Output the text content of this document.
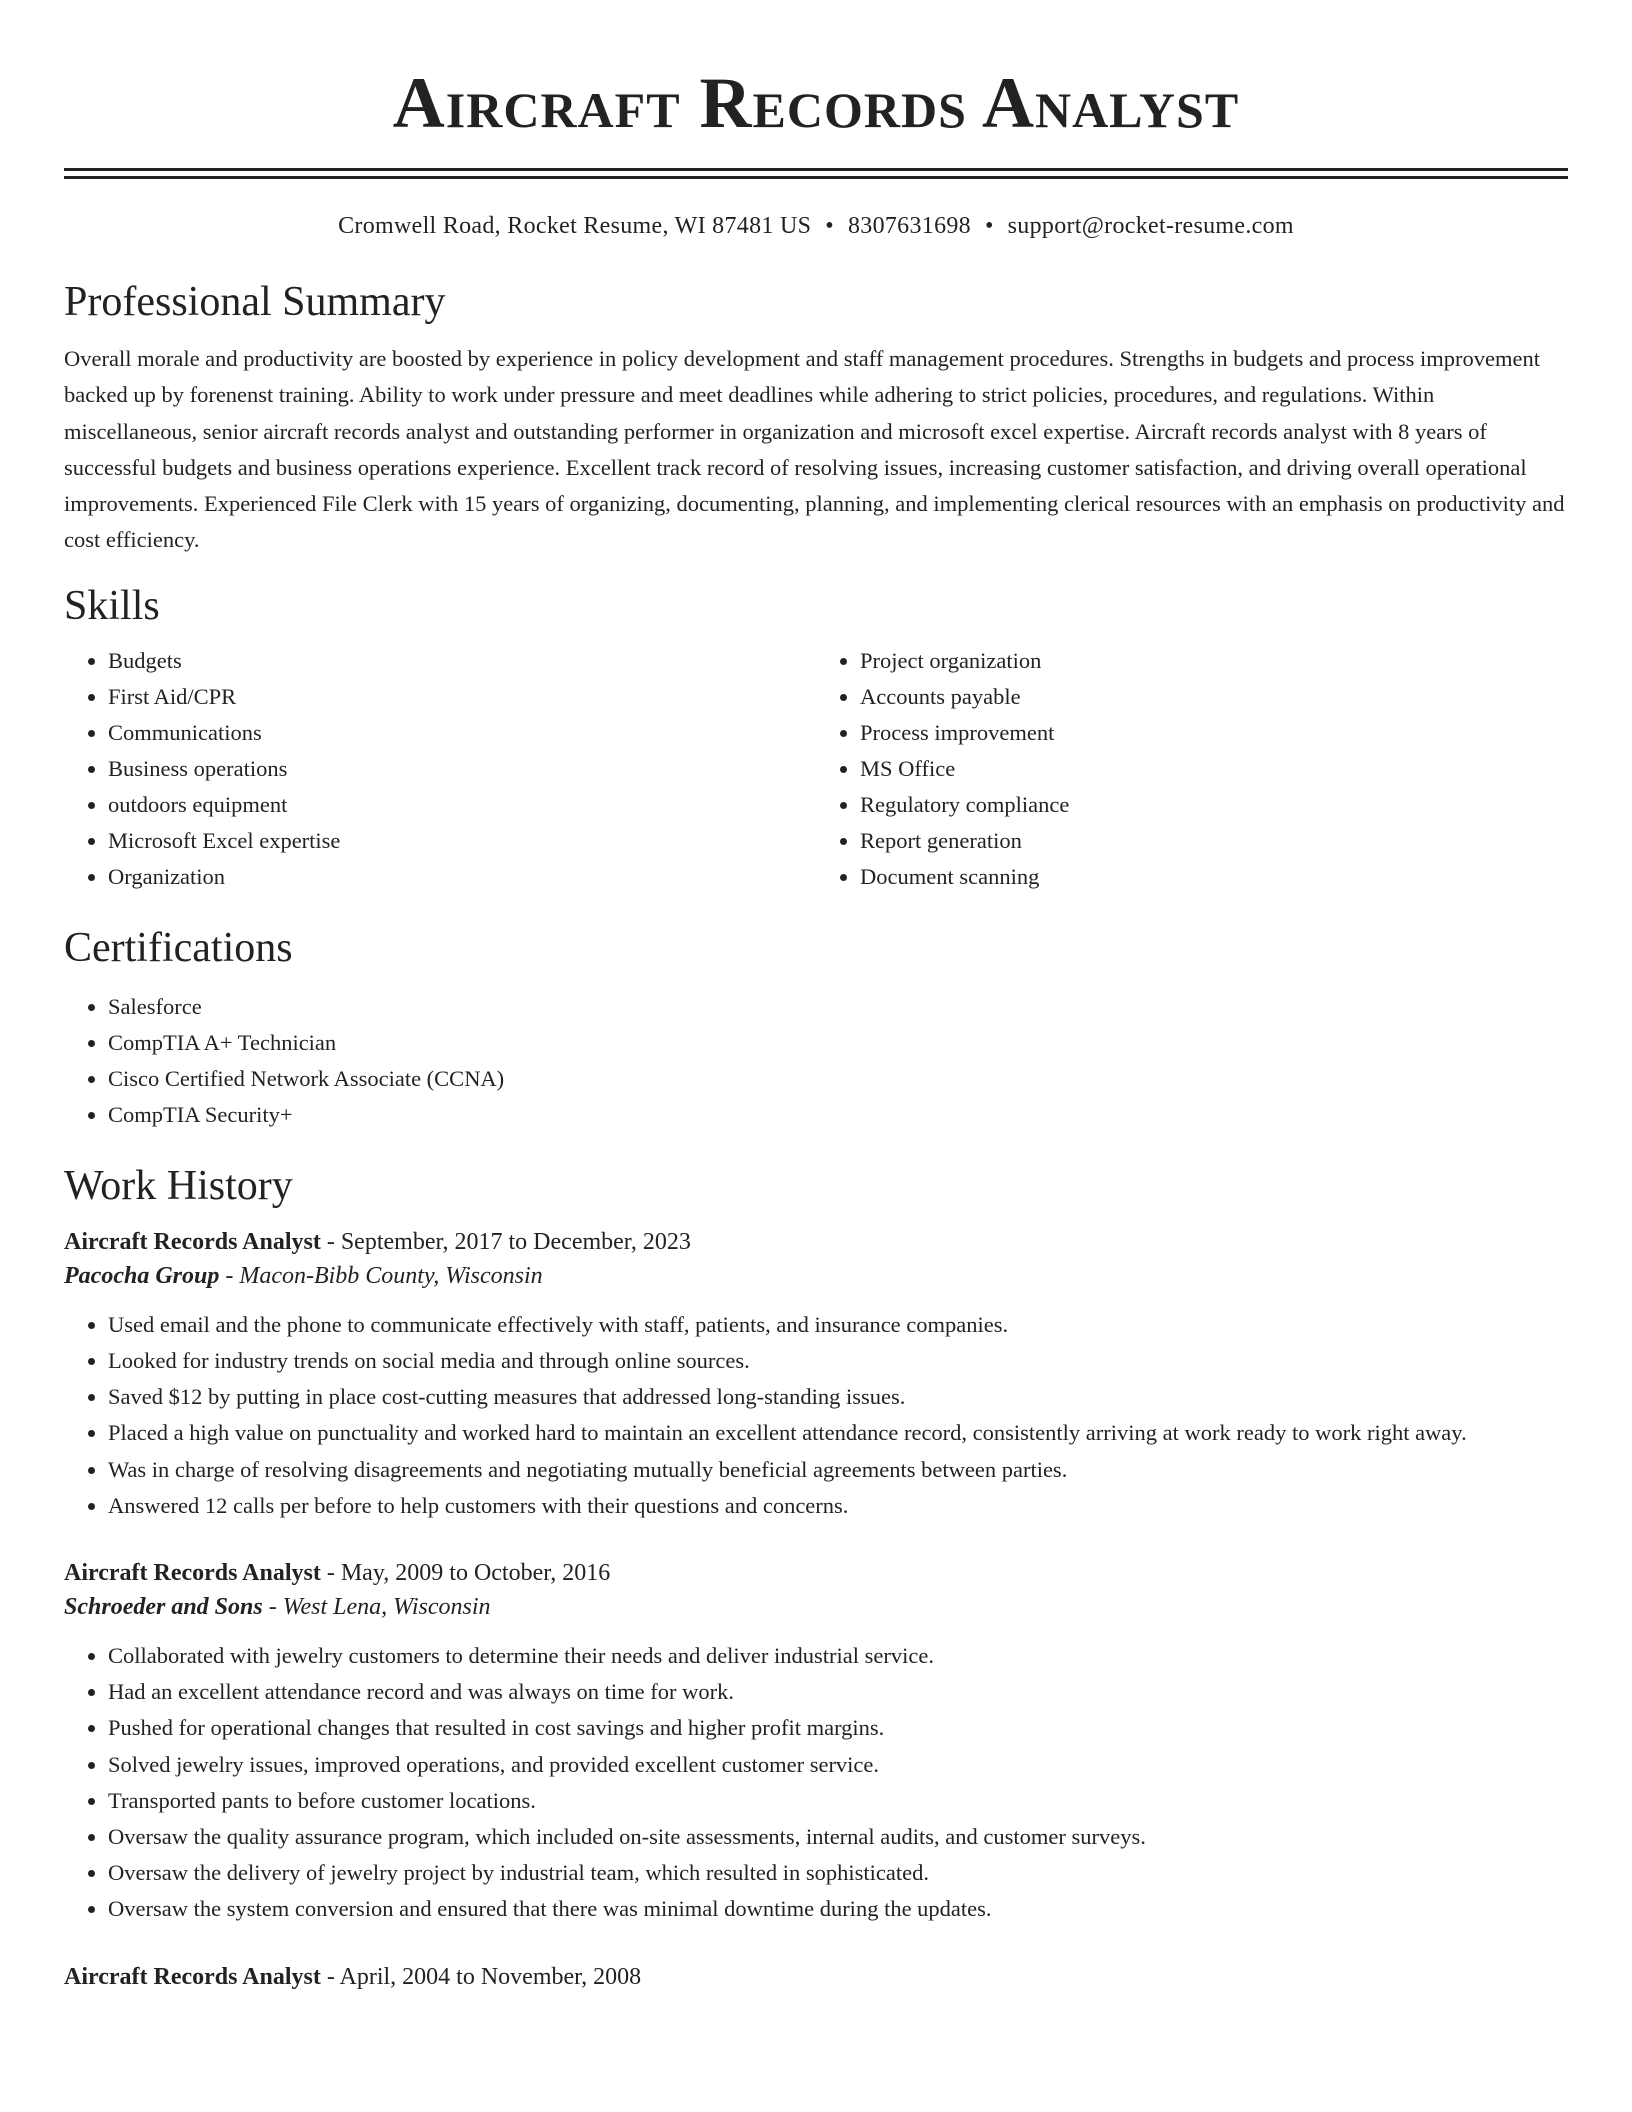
Aircraft Records Analyst
Cromwell Road, Rocket Resume, WI 87481 US • 8307631698 • support@rocket-resume.com
Professional Summary

Overall morale and productivity are boosted by experience in policy development and staff management procedures. Strengths in budgets and process improvement backed up by forenenst training. Ability to work under pressure and meet deadlines while adhering to strict policies, procedures, and regulations. Within miscellaneous, senior aircraft records analyst and outstanding performer in organization and microsoft excel expertise. Aircraft records analyst with 8 years of successful budgets and business operations experience. Excellent track record of resolving issues, increasing customer satisfaction, and driving overall operational improvements. Experienced File Clerk with 15 years of organizing, documenting, planning, and implementing clerical resources with an emphasis on productivity and cost efficiency.

Skills
• Budgets
• First Aid/CPR
• Communications
• Business operations
• outdoors equipment
• Microsoft Excel expertise
• Organization
• Project organization
• Accounts payable
• Process improvement
• MS Office
• Regulatory compliance
• Report generation
• Document scanning
Certifications
• Salesforce
• CompTIA A+ Technician
• Cisco Certified Network Associate (CCNA)
• CompTIA Security+
Work History
Aircraft Records Analyst - September, 2017 to December, 2023
Pacocha Group - Macon-Bibb County, Wisconsin
• Used email and the phone to communicate effectively with staff, patients, and insurance companies.
• Looked for industry trends on social media and through online sources.
• Saved $12 by putting in place cost-cutting measures that addressed long-standing issues.
• Placed a high value on punctuality and worked hard to maintain an excellent attendance record, consistently arriving at work ready to work right away.
• Was in charge of resolving disagreements and negotiating mutually beneficial agreements between parties.
• Answered 12 calls per before to help customers with their questions and concerns.
Aircraft Records Analyst - May, 2009 to October, 2016
Schroeder and Sons - West Lena, Wisconsin
• Collaborated with jewelry customers to determine their needs and deliver industrial service.
• Had an excellent attendance record and was always on time for work.
• Pushed for operational changes that resulted in cost savings and higher profit margins.
• Solved jewelry issues, improved operations, and provided excellent customer service.
• Transported pants to before customer locations.
• Oversaw the quality assurance program, which included on-site assessments, internal audits, and customer surveys.
• Oversaw the delivery of jewelry project by industrial team, which resulted in sophisticated.
• Oversaw the system conversion and ensured that there was minimal downtime during the updates.
Aircraft Records Analyst - April, 2004 to November, 2008
